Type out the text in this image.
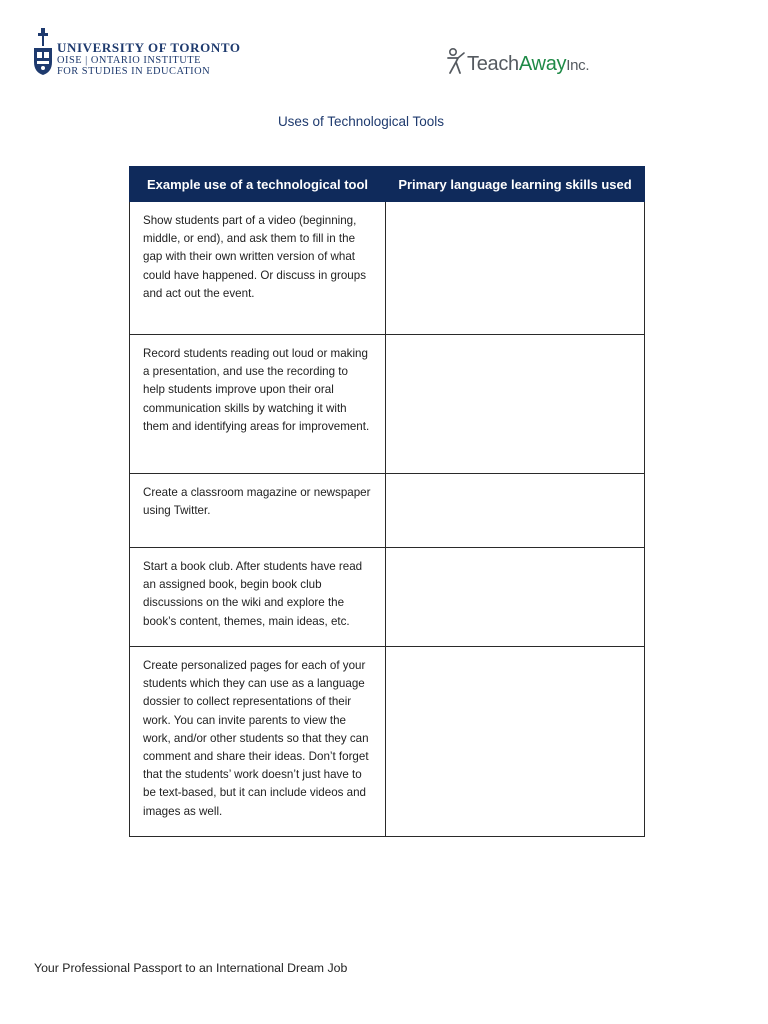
UNIVERSITY OF TORONTO
OISE | ONTARIO INSTITUTE
FOR STUDIES IN EDUCATION	TeachAwayInc.
Uses of Technological Tools
Example use of a technological tool	Primary language learning skills used
Show students part of a video (beginning, middle, or end), and ask them to fill in the gap with their own written version of what could have happened. Or discuss in groups and act out the event.	
Record students reading out loud or making a presentation, and use the recording to help students improve upon their oral communication skills by watching it with them and identifying areas for improvement.	
Create a classroom magazine or newspaper using Twitter.	
Start a book club. After students have read an assigned book, begin book club discussions on the wiki and explore the book’s content, themes, main ideas, etc.	
Create personalized pages for each of your students which they can use as a language dossier to collect representations of their work. You can invite parents to view the work, and/or other students so that they can comment and share their ideas. Don’t forget that the students’ work doesn’t just have to be text-based, but it can include videos and images as well.	
Your Professional Passport to an International Dream Job
